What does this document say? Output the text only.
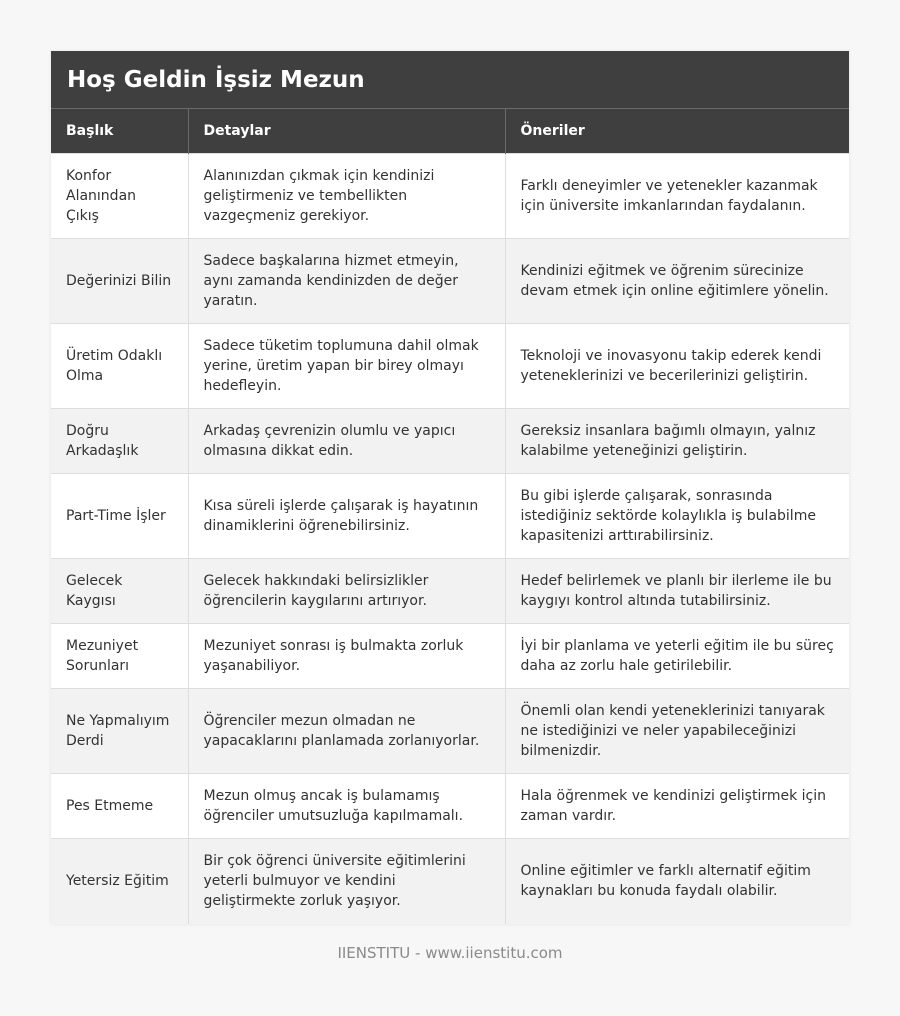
Hoş Geldin İşsiz Mezun
Başlık	Detaylar	Öneriler
Konfor Alanından Çıkış	Alanınızdan çıkmak için kendinizi geliştirmeniz ve tembellikten vazgeçmeniz gerekiyor.	Farklı deneyimler ve yetenekler kazanmak için üniversite imkanlarından faydalanın.
Değerinizi Bilin	Sadece başkalarına hizmet etmeyin, aynı zamanda kendinizden de değer yaratın.	Kendinizi eğitmek ve öğrenim sürecinize devam etmek için online eğitimlere yönelin.
Üretim Odaklı Olma	Sadece tüketim toplumuna dahil olmak yerine, üretim yapan bir birey olmayı hedefleyin.	Teknoloji ve inovasyonu takip ederek kendi yeteneklerinizi ve becerilerinizi geliştirin.
Doğru Arkadaşlık	Arkadaş çevrenizin olumlu ve yapıcı olmasına dikkat edin.	Gereksiz insanlara bağımlı olmayın, yalnız kalabilme yeteneğinizi geliştirin.
Part-Time İşler	Kısa süreli işlerde çalışarak iş hayatının dinamiklerini öğrenebilirsiniz.	Bu gibi işlerde çalışarak, sonrasında istediğiniz sektörde kolaylıkla iş bulabilme kapasitenizi arttırabilirsiniz.
Gelecek Kaygısı	Gelecek hakkındaki belirsizlikler öğrencilerin kaygılarını artırıyor.	Hedef belirlemek ve planlı bir ilerleme ile bu kaygıyı kontrol altında tutabilirsiniz.
Mezuniyet Sorunları	Mezuniyet sonrası iş bulmakta zorluk yaşanabiliyor.	İyi bir planlama ve yeterli eğitim ile bu süreç daha az zorlu hale getirilebilir.
Ne Yapmalıyım Derdi	Öğrenciler mezun olmadan ne yapacaklarını planlamada zorlanıyorlar.	Önemli olan kendi yeteneklerinizi tanıyarak ne istediğinizi ve neler yapabileceğinizi bilmenizdir.
Pes Etmeme	Mezun olmuş ancak iş bulamamış öğrenciler umutsuzluğa kapılmamalı.	Hala öğrenmek ve kendinizi geliştirmek için zaman vardır.
Yetersiz Eğitim	Bir çok öğrenci üniversite eğitimlerini yeterli bulmuyor ve kendini geliştirmekte zorluk yaşıyor.	Online eğitimler ve farklı alternatif eğitim kaynakları bu konuda faydalı olabilir.
IIENSTITU - www.iienstitu.com
